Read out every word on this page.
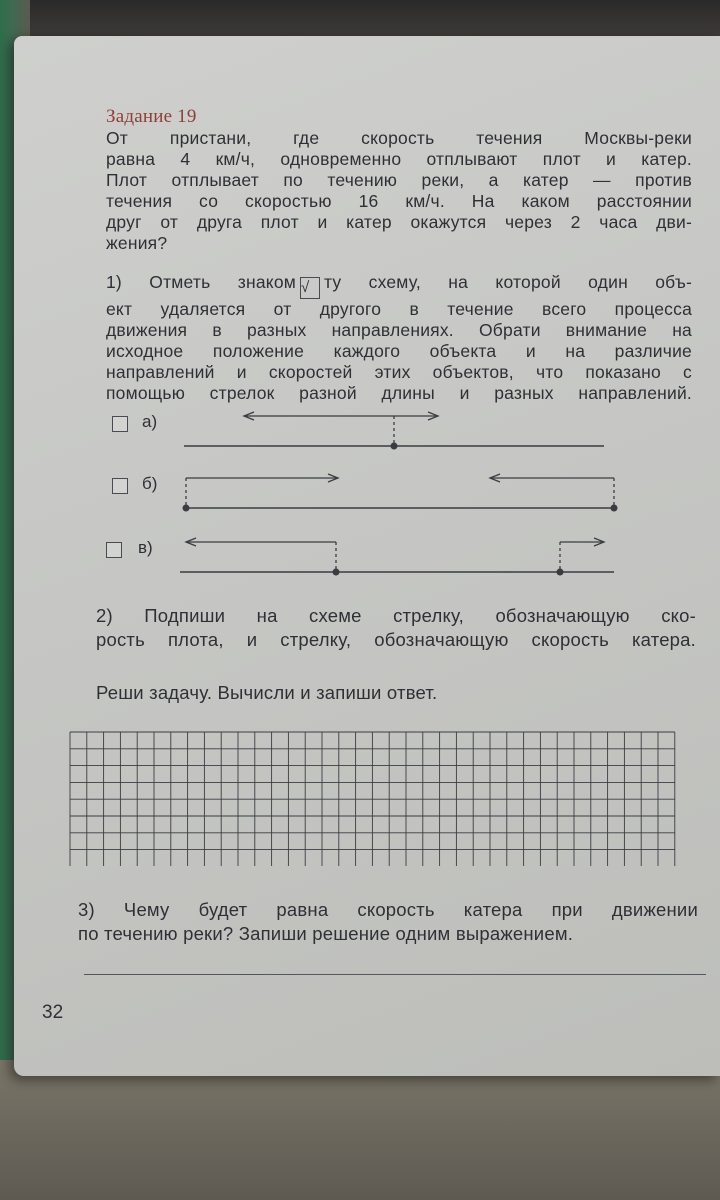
Задание 19
От пристани, где скорость течения Москвы-реки
равна 4 км/ч, одновременно отплывают плот и катер.
Плот отплывает по течению реки, а катер — против
течения со скоростью 16 км/ч. На каком расстоянии
друг от друга плот и катер окажутся через 2 часа дви-
жения?
1) Отметь знаком √ ту схему, на которой один объ-
ект удаляется от другого в течение всего процесса
движения в разных направлениях. Обрати внимание на
исходное положение каждого объекта и на различие
направлений и скоростей этих объектов, что показано с
помощью стрелок разной длины и разных направлений.
а)
б)
в)
2) Подпиши на схеме стрелку, обозначающую ско-
рость плота, и стрелку, обозначающую скорость катера.
Реши задачу. Вычисли и запиши ответ.
3) Чему будет равна скорость катера при движении
по течению реки? Запиши решение одним выражением.
32
